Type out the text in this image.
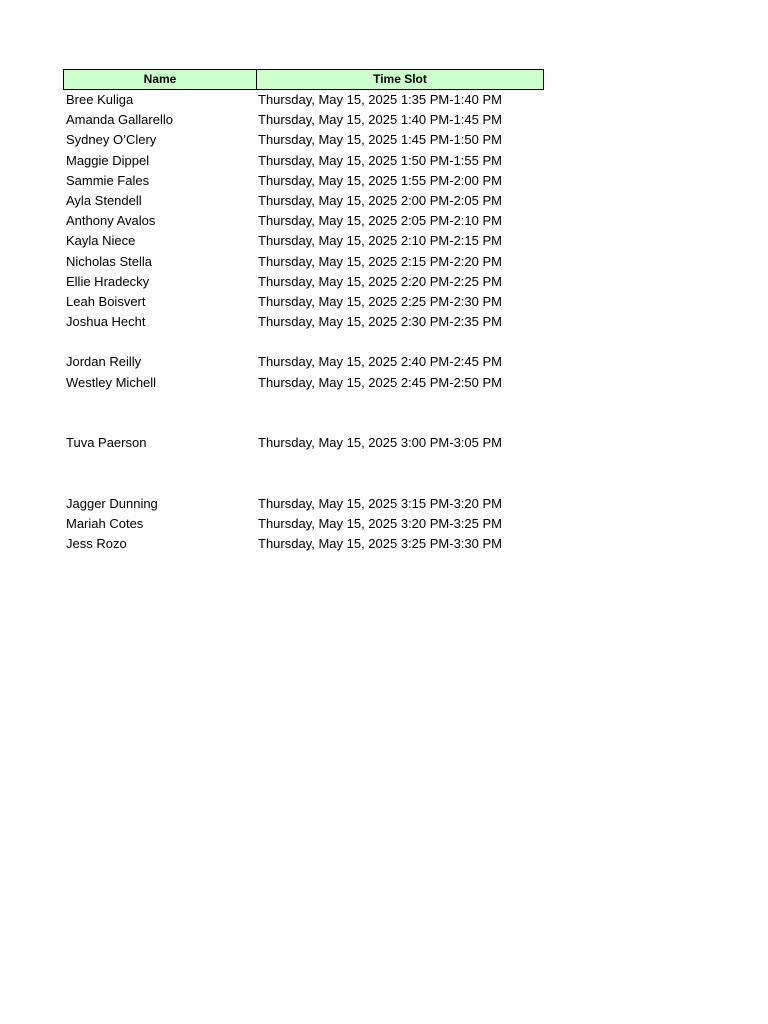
Name	Time Slot
Bree Kuliga	Thursday, May 15, 2025 1:35 PM-1:40 PM
Amanda Gallarello	Thursday, May 15, 2025 1:40 PM-1:45 PM
Sydney O’Clery	Thursday, May 15, 2025 1:45 PM-1:50 PM
Maggie Dippel	Thursday, May 15, 2025 1:50 PM-1:55 PM
Sammie Fales	Thursday, May 15, 2025 1:55 PM-2:00 PM
Ayla Stendell	Thursday, May 15, 2025 2:00 PM-2:05 PM
Anthony Avalos	Thursday, May 15, 2025 2:05 PM-2:10 PM
Kayla Niece	Thursday, May 15, 2025 2:10 PM-2:15 PM
Nicholas Stella	Thursday, May 15, 2025 2:15 PM-2:20 PM
Ellie Hradecky	Thursday, May 15, 2025 2:20 PM-2:25 PM
Leah Boisvert	Thursday, May 15, 2025 2:25 PM-2:30 PM
Joshua Hecht	Thursday, May 15, 2025 2:30 PM-2:35 PM
Jordan Reilly	Thursday, May 15, 2025 2:40 PM-2:45 PM
Westley Michell	Thursday, May 15, 2025 2:45 PM-2:50 PM
Tuva Paerson	Thursday, May 15, 2025 3:00 PM-3:05 PM
Jagger Dunning	Thursday, May 15, 2025 3:15 PM-3:20 PM
Mariah Cotes	Thursday, May 15, 2025 3:20 PM-3:25 PM
Jess Rozo	Thursday, May 15, 2025 3:25 PM-3:30 PM
